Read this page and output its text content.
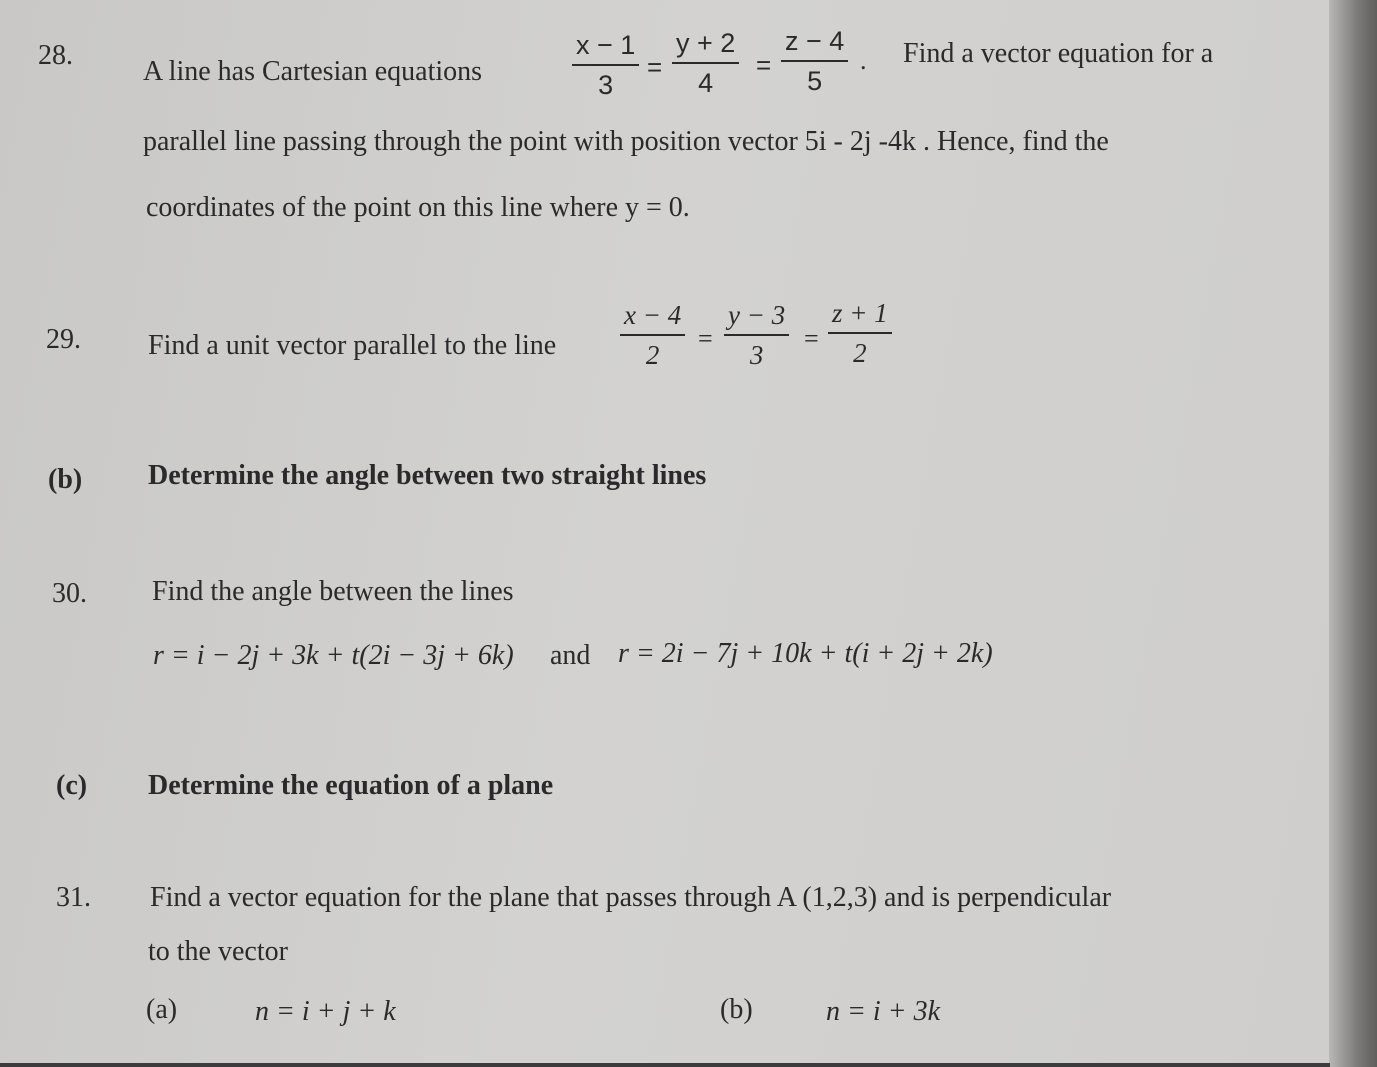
28.
A line has Cartesian equations	$\frac{x - 1}{3} = \frac{y + 2}{4} = \frac{z - 4}{5}$ . Find a vector equation for a
parallel line passing through the point with position vector 5i - 2j -4k . Hence, find the
coordinates of the point on this line where y = 0.
29. Find a unit vector parallel to the line $\frac{x - 4}{2} = \frac{y - 3}{3} = \frac{z + 1}{2}$
(b) Determine the angle between two straight lines
30. Find the angle between the lines
r = i − 2j + 3k + t(2i − 3j + 6k) and r = 2i − 7j + 10k + t(i + 2j + 2k)
(c) Determine the equation of a plane
31. Find a vector equation for the plane that passes through A (1,2,3) and is perpendicular
to the vector
(a)	n = i + j + k	(b)	n = i + 3k
